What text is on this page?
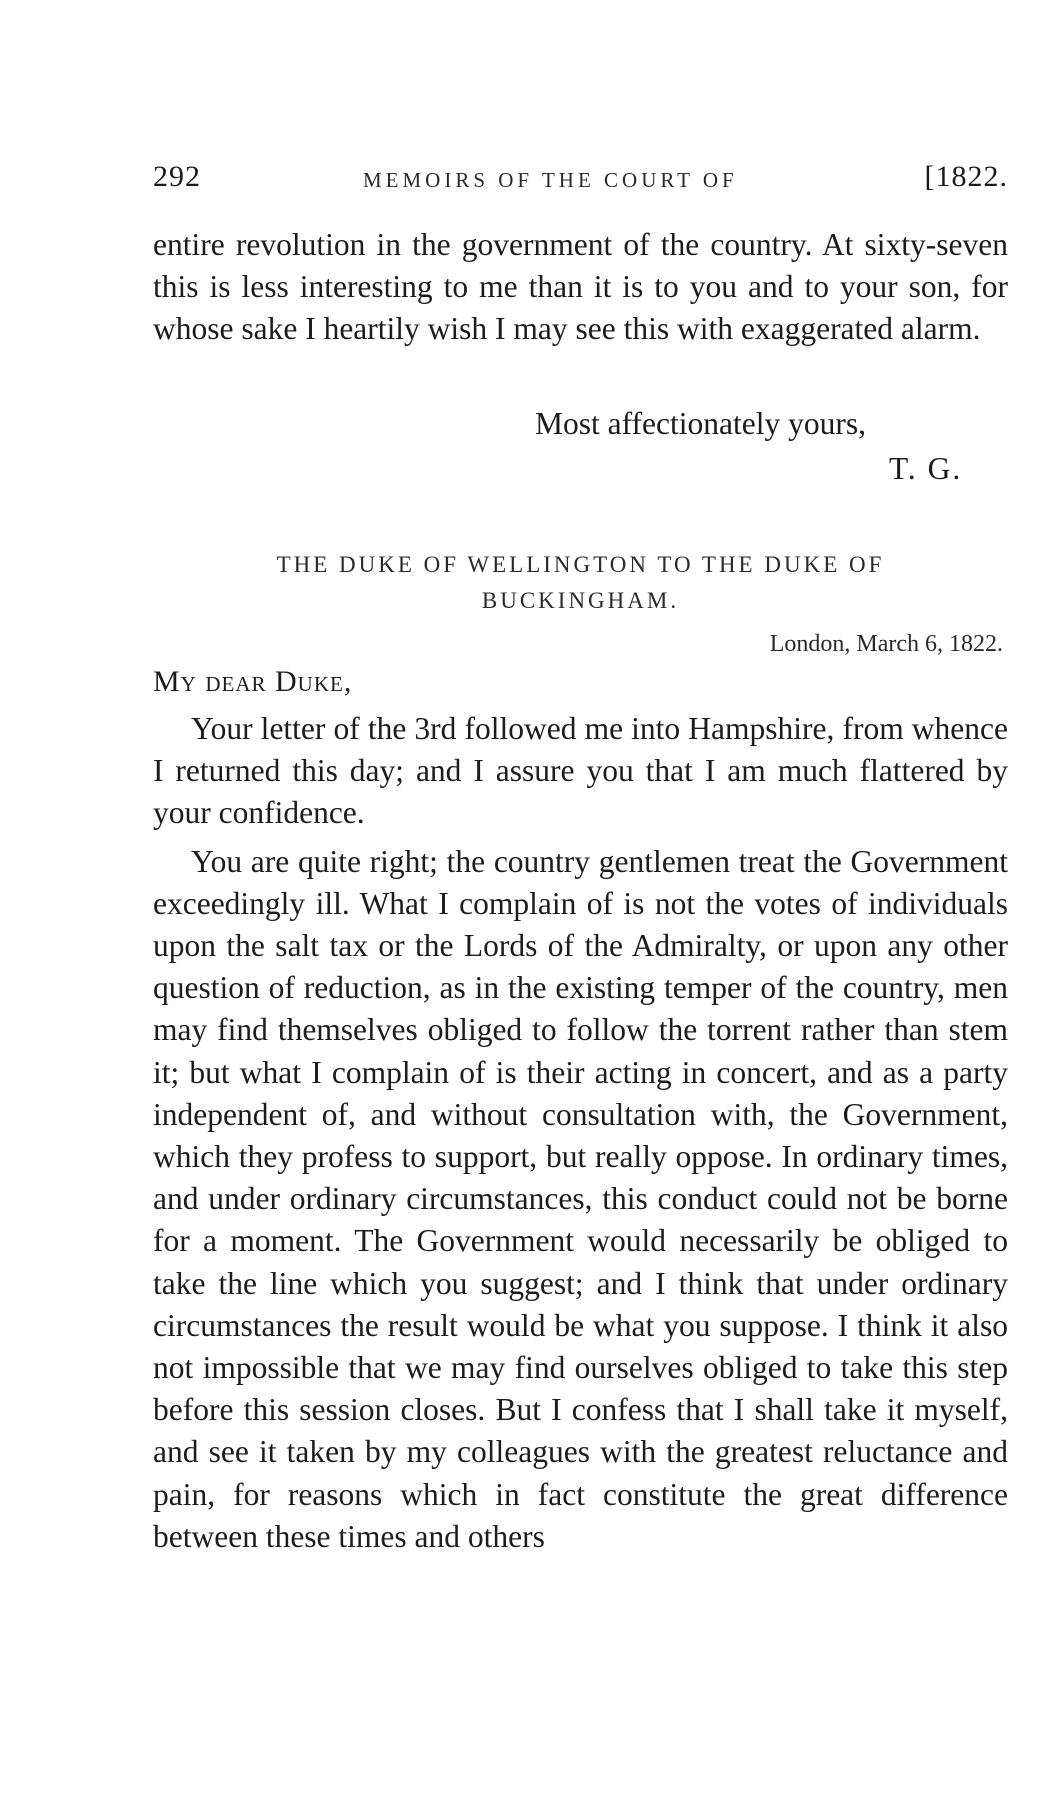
292	MEMOIRS OF THE COURT OF	[1822.

entire revolution in the government of the country. At sixty-seven this is less interesting to me than it is to you and to your son, for whose sake I heartily wish I may see this with exaggerated alarm.

Most affectionately yours,
T. G.
THE DUKE OF WELLINGTON TO THE DUKE OF
BUCKINGHAM.
London, March 6, 1822.
My dear Duke,

Your letter of the 3rd followed me into Hampshire, from whence I returned this day; and I assure you that I am much flattered by your confidence.

You are quite right; the country gentlemen treat the Government exceedingly ill. What I complain of is not the votes of individuals upon the salt tax or the Lords of the Admiralty, or upon any other question of reduction, as in the existing temper of the country, men may find themselves obliged to follow the torrent rather than stem it; but what I complain of is their acting in concert, and as a party independent of, and without consultation with, the Government, which they profess to support, but really oppose. In ordinary times, and under ordinary circumstances, this conduct could not be borne for a moment. The Government would necessarily be obliged to take the line which you suggest; and I think that under ordinary circumstances the result would be what you suppose. I think it also not impossible that we may find ourselves obliged to take this step before this session closes. But I confess that I shall take it myself, and see it taken by my colleagues with the greatest reluctance and pain, for reasons which in fact constitute the great difference between these times and others
